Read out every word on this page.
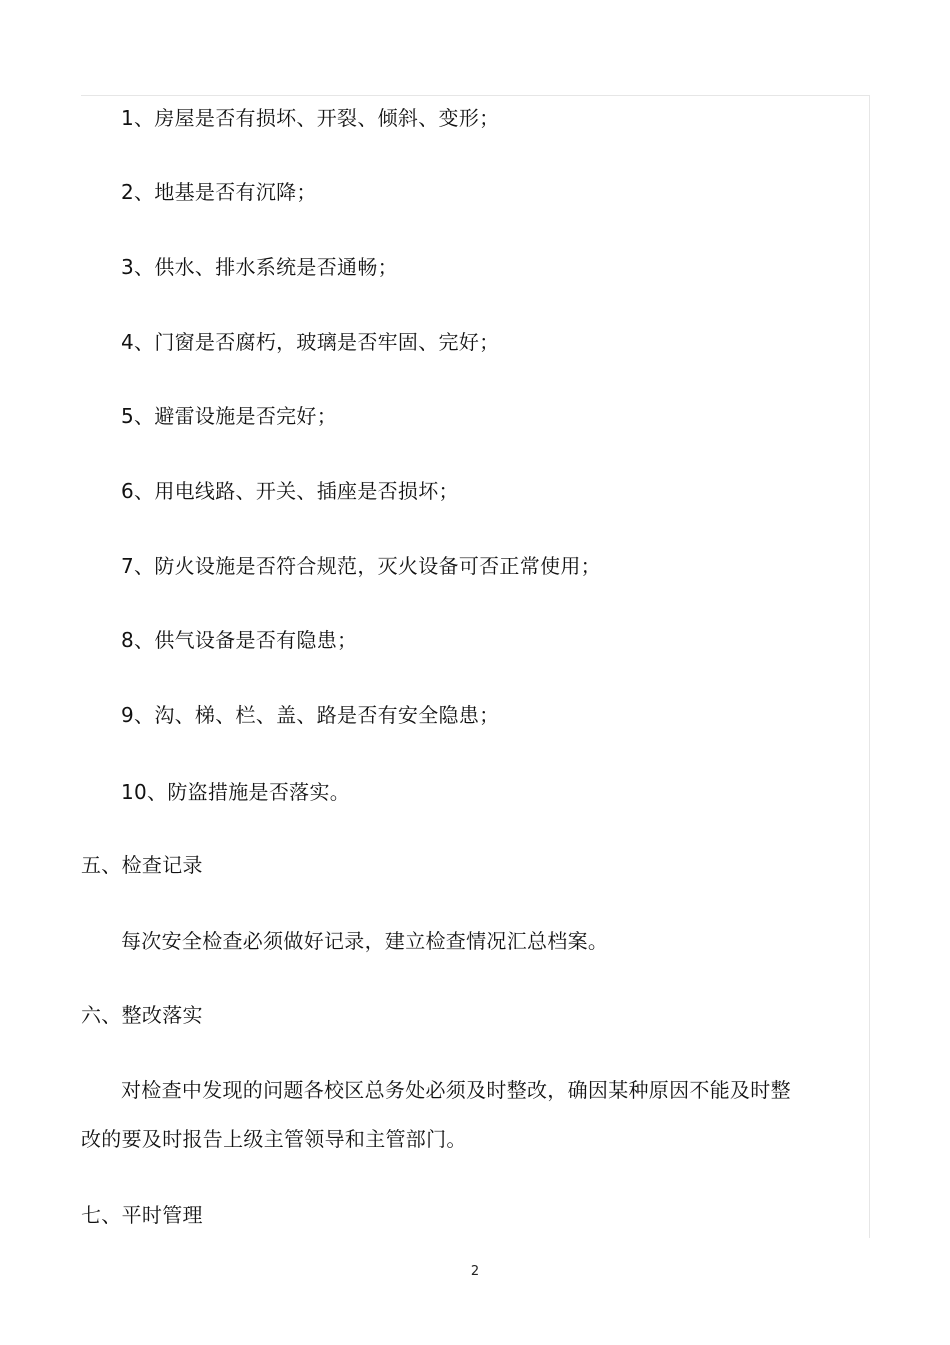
1、房屋是否有损坏、开裂、倾斜、变形；
2、地基是否有沉降；
3、供水、排水系统是否通畅；
4、门窗是否腐朽，玻璃是否牢固、完好；
5、避雷设施是否完好；
6、用电线路、开关、插座是否损坏；
7、防火设施是否符合规范，灭火设备可否正常使用；
8、供气设备是否有隐患；
9、沟、梯、栏、盖、路是否有安全隐患；
10、防盗措施是否落实。
五、检查记录
每次安全检查必须做好记录，建立检查情况汇总档案。
六、整改落实
对检查中发现的问题各校区总务处必须及时整改，确因某种原因不能及时整
改的要及时报告上级主管领导和主管部门。
七、平时管理
2
